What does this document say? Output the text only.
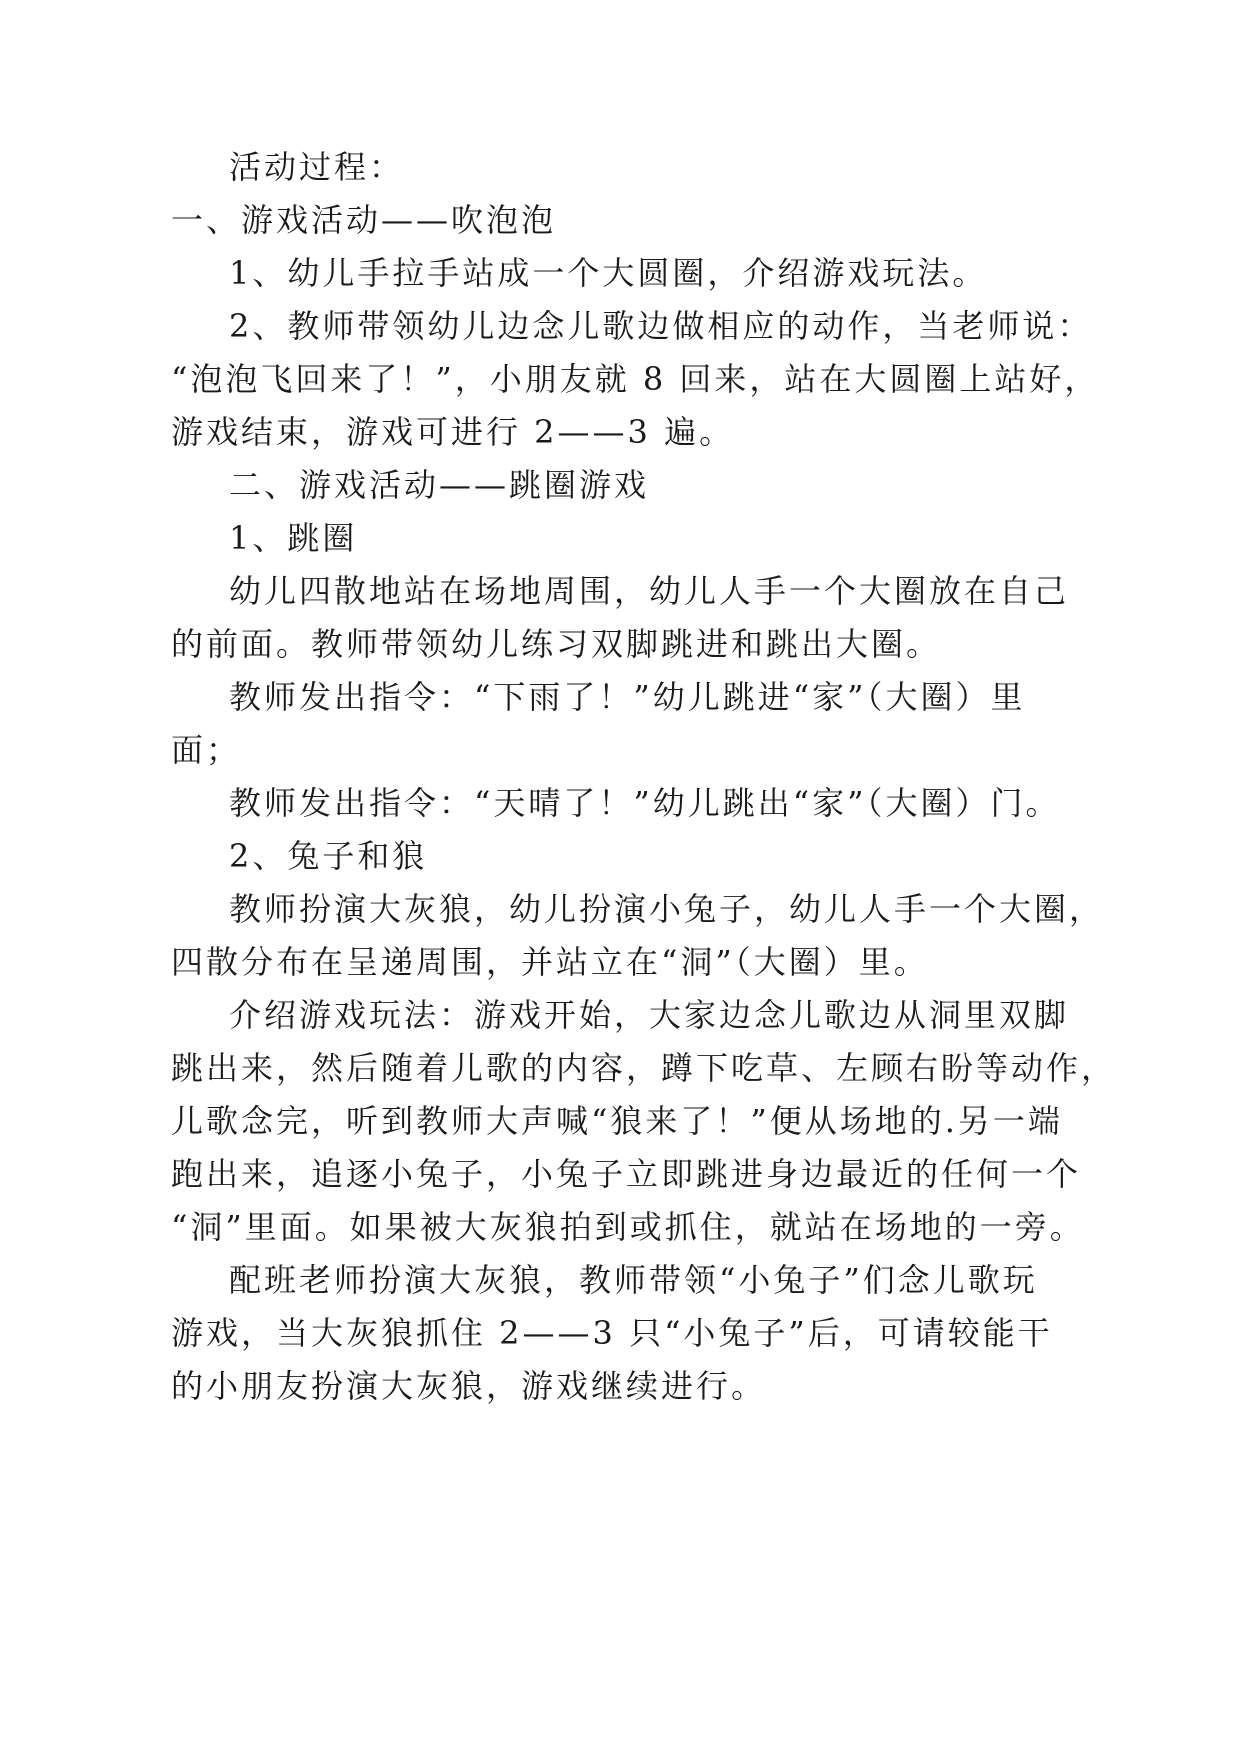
活动过程：
一、游戏活动——吹泡泡
1、幼儿手拉手站成一个大圆圈，介绍游戏玩法。
2、教师带领幼儿边念儿歌边做相应的动作，当老师说：
“泡泡飞回来了！”，小朋友就 8 回来，站在大圆圈上站好，
游戏结束，游戏可进行 2——3 遍。
二、游戏活动——跳圈游戏
1、跳圈
幼儿四散地站在场地周围，幼儿人手一个大圈放在自己
的前面。教师带领幼儿练习双脚跳进和跳出大圈。
教师发出指令：“下雨了！”幼儿跳进“家”（大圈）里
面；
教师发出指令：“天晴了！”幼儿跳出“家”（大圈）门。
2、兔子和狼
教师扮演大灰狼，幼儿扮演小兔子，幼儿人手一个大圈，
四散分布在呈递周围，并站立在“洞”（大圈）里。
介绍游戏玩法：游戏开始，大家边念儿歌边从洞里双脚
跳出来，然后随着儿歌的内容，蹲下吃草、左顾右盼等动作，
儿歌念完，听到教师大声喊“狼来了！”便从场地的.另一端
跑出来，追逐小兔子，小兔子立即跳进身边最近的任何一个
“洞”里面。如果被大灰狼拍到或抓住，就站在场地的一旁。
配班老师扮演大灰狼，教师带领“小兔子”们念儿歌玩
游戏，当大灰狼抓住 2——3 只“小兔子”后，可请较能干
的小朋友扮演大灰狼，游戏继续进行。
